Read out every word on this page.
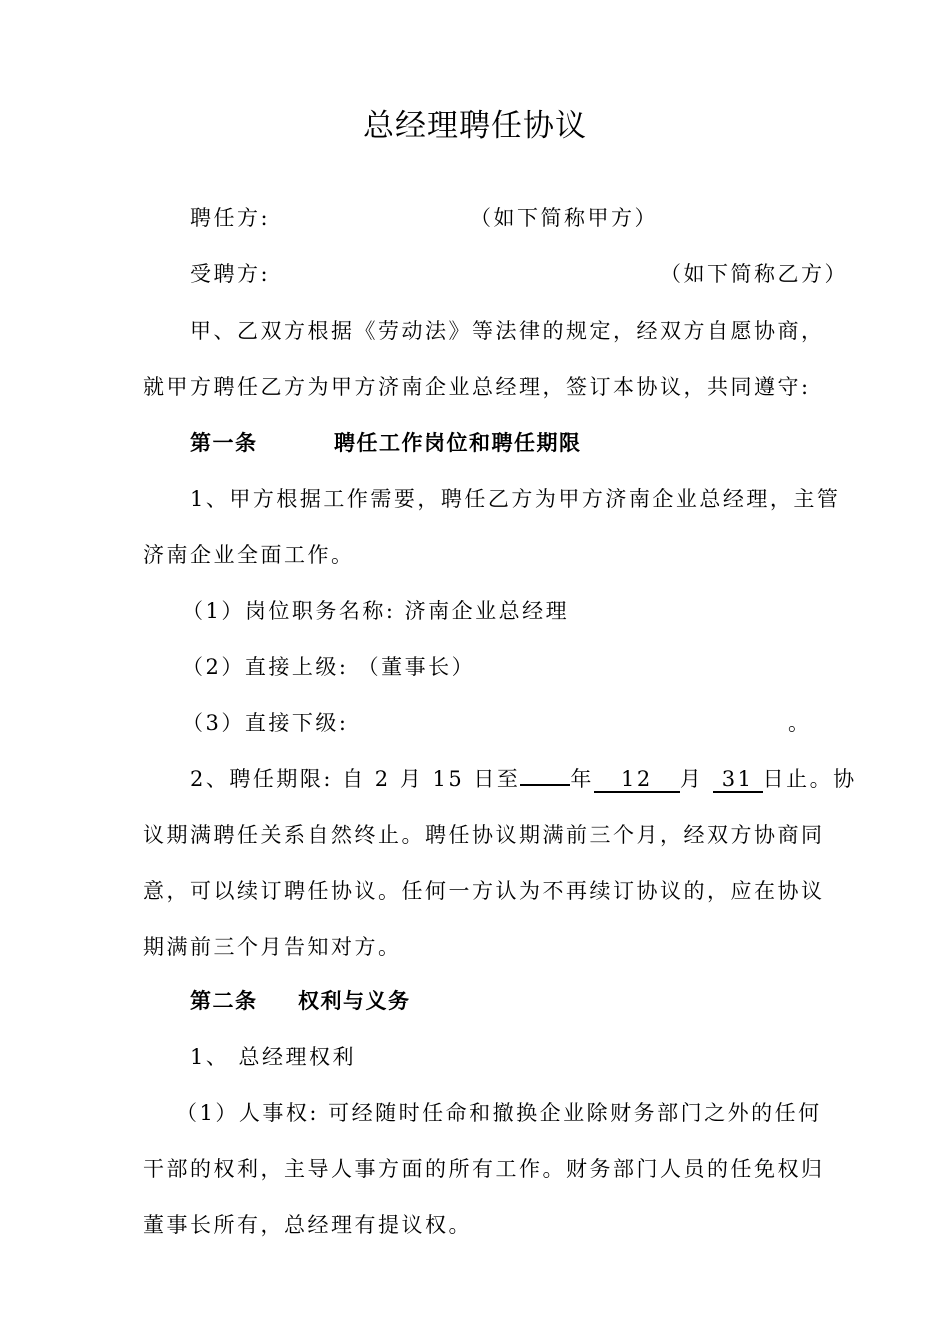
总经理聘任协议
聘任方:	（如下简称甲方）
受聘方:	（如下简称乙方）
甲、乙双方根据《劳动法》等法律的规定，经双方自愿协商，
就甲方聘任乙方为甲方济南企业总经理，签订本协议，共同遵守:
第一条	聘任工作岗位和聘任期限
1、甲方根据工作需要，聘任乙方为甲方济南企业总经理，主管
济南企业全面工作。
（1）岗位职务名称: 济南企业总经理
（2）直接上级: （董事长）
（3）直接下级:	。
2、聘任期限: 自 2 月 15 日至 年 12 月 31 日止。协
议期满聘任关系自然终止。聘任协议期满前三个月，经双方协商同
意，可以续订聘任协议。任何一方认为不再续订协议的，应在协议
期满前三个月告知对方。
第二条 权利与义务
1、 总经理权利
（1）人事权: 可经随时任命和撤换企业除财务部门之外的任何
干部的权利，主导人事方面的所有工作。财务部门人员的任免权归
董事长所有，总经理有提议权。
